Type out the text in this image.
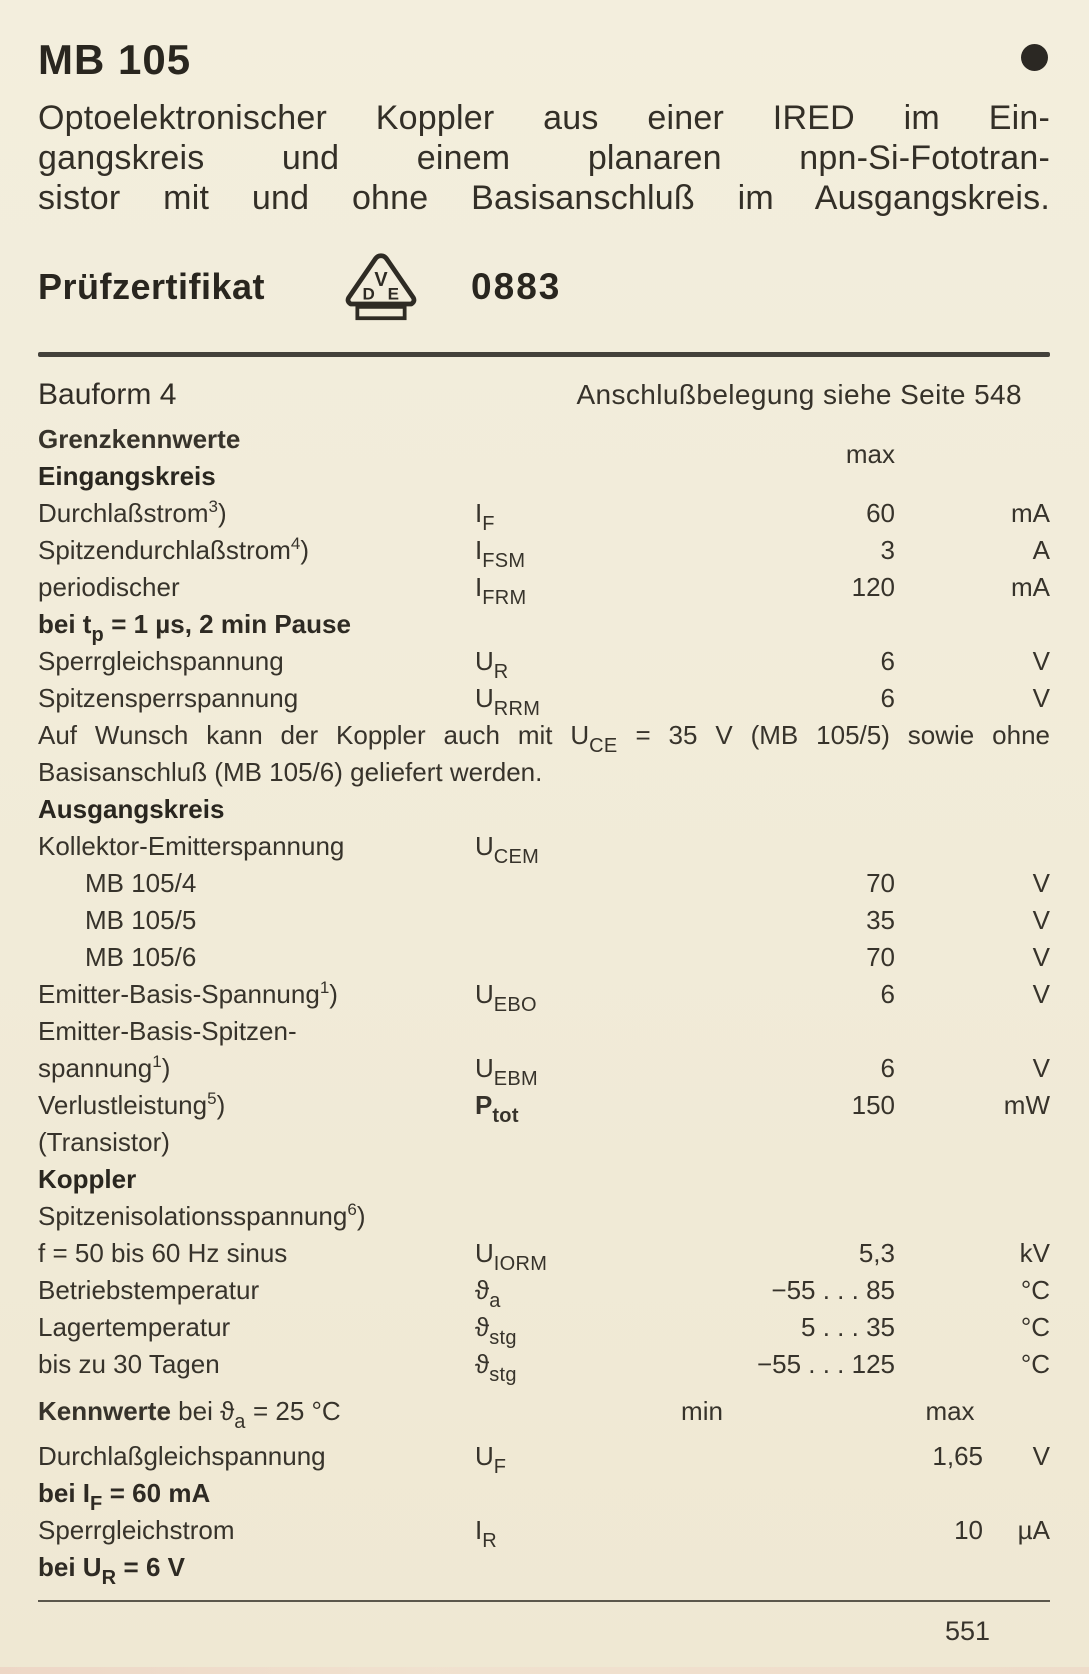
MB 105
Optoelektronischer Koppler aus einer IRED im Ein-
gangskreis und einem planaren npn-Si-Fototran-
sistor mit und ohne Basisanschluß im Ausgangskreis.
Prüfzertifikat	V
D E 0883
Bauform 4	Anschlußbelegung siehe Seite 548
Grenzkennwerte	max
Eingangskreis
Durchlaßstrom$^3$)	$I_F$	60	mA
Spitzendurchlaßstrom$^4$)	$I_{FSM}$	3	A
periodischer	$I_{FRM}$	120	mA
bei $t_p = 1$ µs, 2 min Pause
Sperrgleichspannung	$U_R$	6	V
Spitzensperrspannung	$U_{RRM}$	6	V
Auf Wunsch kann der Koppler auch mit $U_{CE} = 35$ V (MB 105/5) sowie ohne
Basisanschluß (MB 105/6) geliefert werden.
Ausgangskreis
Kollektor-Emitterspannung	$U_{CEM}$
MB 105/4	70	V
MB 105/5	35	V
MB 105/6	70	V
Emitter-Basis-Spannung$^1$)	$U_{EBO}$	6	V
Emitter-Basis-Spitzen-
spannung$^1$)	$U_{EBM}$	6	V
Verlustleistung$^5$)	$P_{tot}$	150	mW
(Transistor)
Koppler
Spitzenisolationsspannung$^6$)
f = 50 bis 60 Hz sinus	$U_{IORM}$	5,3	kV
Betriebstemperatur	$ϑ_a$	−55 . . . 85	°C
Lagertemperatur	$ϑ_{stg}$	5 . . . 35	°C
bis zu 30 Tagen	$ϑ_{stg}$	−55 . . . 125	°C
Kennwerte bei $ϑ_a = 25$ °C	min	max
Durchlaßgleichspannung	$U_F$	1,65	V
bei $I_F = 60$ mA
Sperrgleichstrom	$I_R$	10	µA
bei $U_R = 6$ V
551
